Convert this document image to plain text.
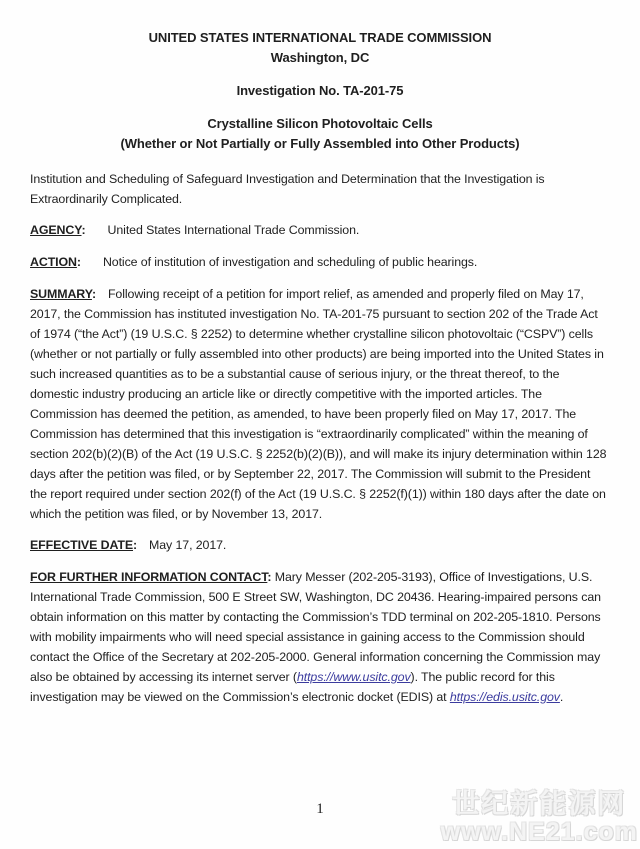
UNITED STATES INTERNATIONAL TRADE COMMISSION
Washington, DC
Investigation No. TA-201-75
Crystalline Silicon Photovoltaic Cells
(Whether or Not Partially or Fully Assembled into Other Products)

Institution and Scheduling of Safeguard Investigation and Determination that the Investigation is Extraordinarily Complicated.

AGENCY: United States International Trade Commission.

ACTION: Notice of institution of investigation and scheduling of public hearings.

SUMMARY: Following receipt of a petition for import relief, as amended and properly filed on May 17, 2017, the Commission has instituted investigation No. TA-201-75 pursuant to section 202 of the Trade Act of 1974 (“the Act”) (19 U.S.C. § 2252) to determine whether crystalline silicon photovoltaic (“CSPV”) cells (whether or not partially or fully assembled into other products) are being imported into the United States in such increased quantities as to be a substantial cause of serious injury, or the threat thereof, to the domestic industry producing an article like or directly competitive with the imported articles. The Commission has deemed the petition, as amended, to have been properly filed on May 17, 2017. The Commission has determined that this investigation is “extraordinarily complicated” within the meaning of section 202(b)(2)(B) of the Act (19 U.S.C. § 2252(b)(2)(B)), and will make its injury determination within 128 days after the petition was filed, or by September 22, 2017. The Commission will submit to the President the report required under section 202(f) of the Act (19 U.S.C. § 2252(f)(1)) within 180 days after the date on which the petition was filed, or by November 13, 2017.

EFFECTIVE DATE: May 17, 2017.

FOR FURTHER INFORMATION CONTACT: Mary Messer (202-205-3193), Office of Investigations, U.S. International Trade Commission, 500 E Street SW, Washington, DC 20436. Hearing-impaired persons can obtain information on this matter by contacting the Commission’s TDD terminal on 202-205-1810. Persons with mobility impairments who will need special assistance in gaining access to the Commission should contact the Office of the Secretary at 202-205-2000. General information concerning the Commission may also be obtained by accessing its internet server (https://www.usitc.gov). The public record for this investigation may be viewed on the Commission’s electronic docket (EDIS) at https://edis.usitc.gov.

1	世纪新能源网
www.NE21.com
